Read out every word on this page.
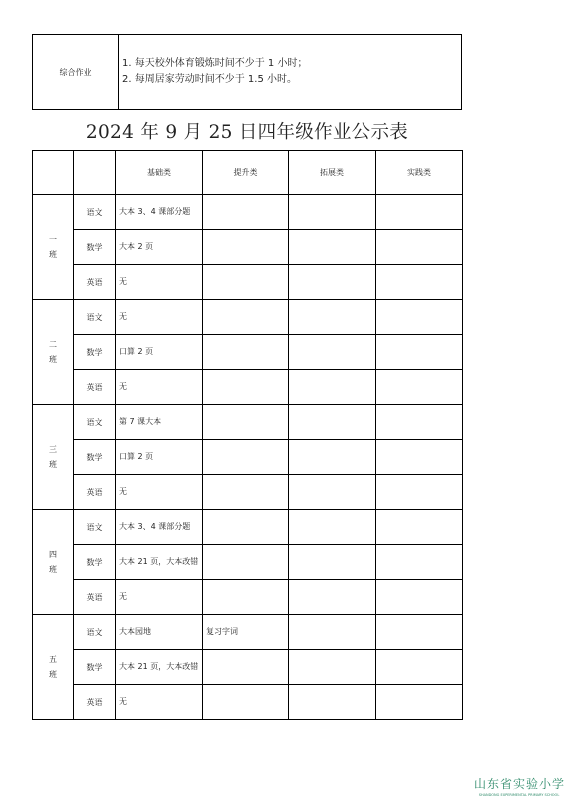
综合作业	
1. 每天校外体育锻炼时间不少于 1 小时；
2. 每周居家劳动时间不少于 1.5 小时。
2024 年 9 月 25 日四年级作业公示表
		基础类	提升类	拓展类	实践类
一
班	语文	大本 3、4 课部分题			
	数学	大本 2 页			
	英语	无			
二
班	语文	无			
	数学	口算 2 页			
	英语	无			
三
班	语文	第 7 课大本			
	数学	口算 2 页			
	英语	无			
四
班	语文	大本 3、4 课部分题			
	数学	大本 21 页，大本改错			
	英语	无			
五
班	语文	大本园地	复习字词		
	数学	大本 21 页，大本改错			
	英语	无			
山东省实验小学
SHANDONG EXPERIMENTAL PRIMARY SCHOOL
